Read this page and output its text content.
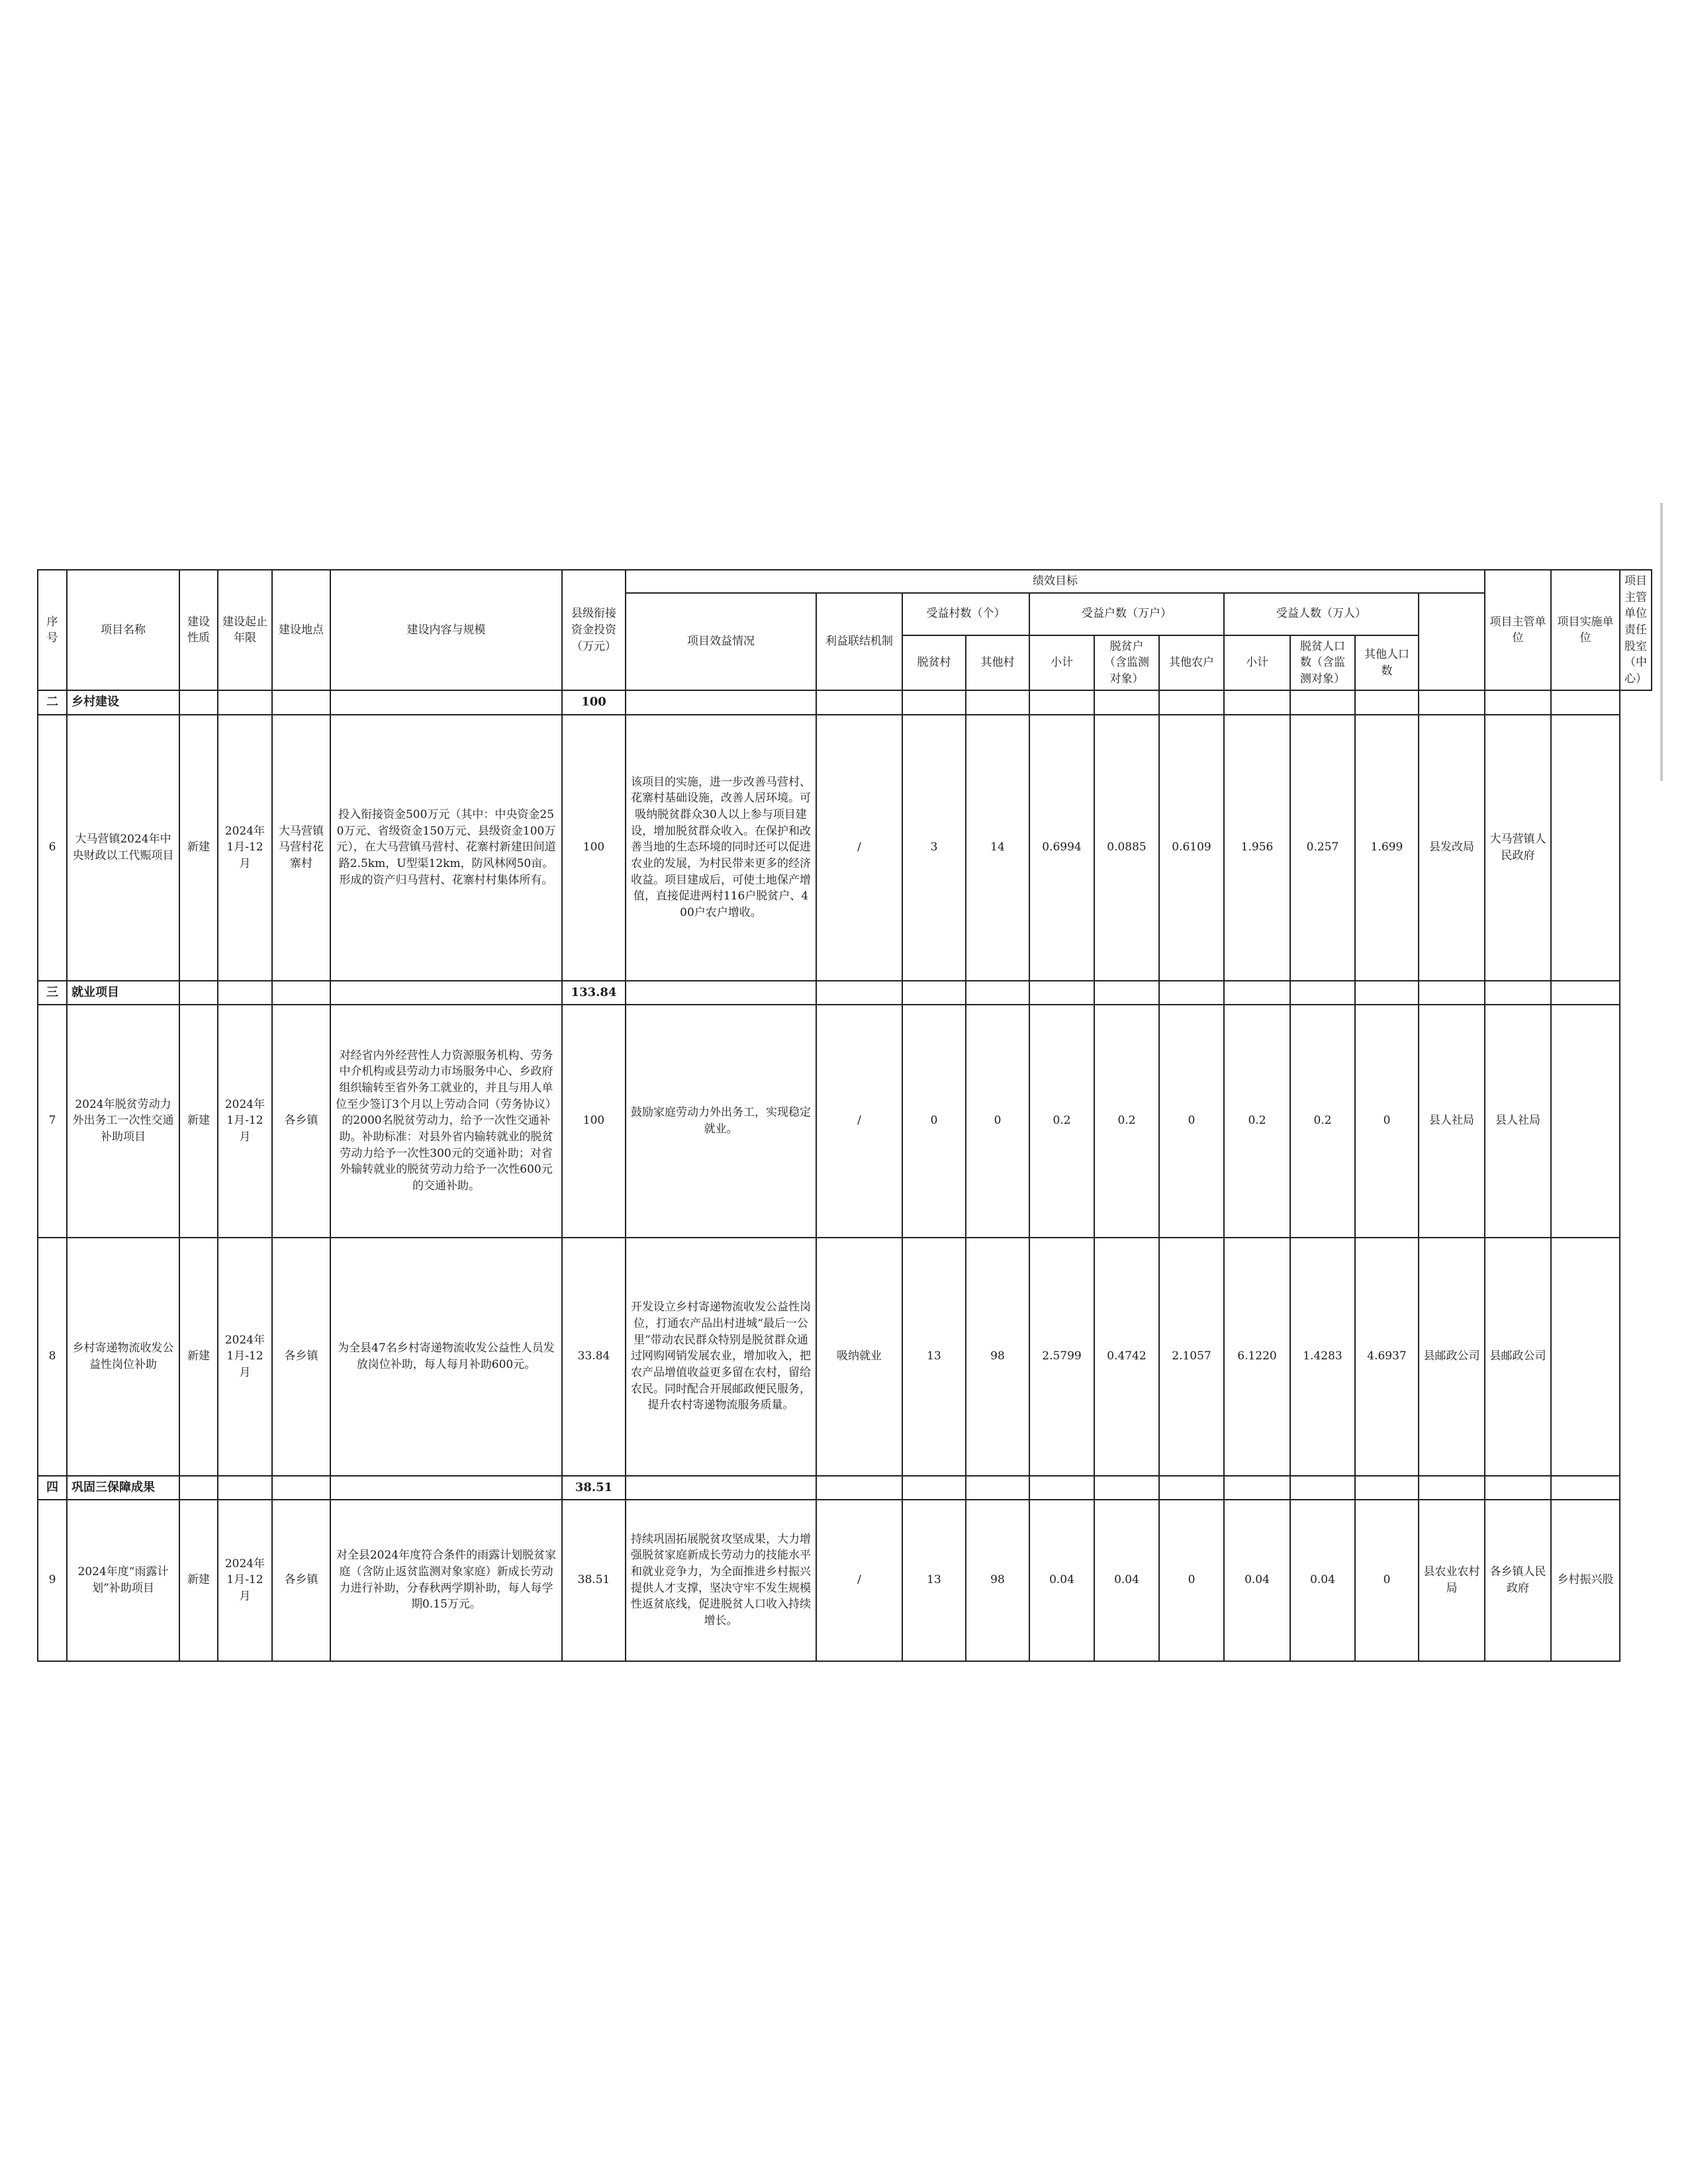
序号	项目名称	建设性质	建设起止年限	建设地点	建设内容与规模	县级衔接资金投资（万元）	绩效目标											项目主管单位	项目实施单位	项目主管单位责任股室（中心）
							项目效益情况	利益联结机制	受益村数（个）		受益户数（万户）			受益人数（万人）						
									脱贫村	其他村	小计	脱贫户（含监测对象）	其他农户	小计	脱贫人口数（含监测对象）	其他人口数				
二	乡村建设					100														
6	大马营镇2024年中央财政以工代赈项目	新建	2024年1月-12月	大马营镇马营村花寨村	投入衔接资金500万元（其中：中央资金250万元、省级资金150万元、县级资金100万元），在大马营镇马营村、花寨村新建田间道路2.5km，U型渠12km，防风林网50亩。形成的资产归马营村、花寨村村集体所有。	100	该项目的实施，进一步改善马营村、花寨村基础设施，改善人居环境。可吸纳脱贫群众30人以上参与项目建设，增加脱贫群众收入。在保护和改善当地的生态环境的同时还可以促进农业的发展，为村民带来更多的经济收益。项目建成后，可使土地保产增值，直接促进两村116户脱贫户、400户农户增收。	/	3	14	0.6994	0.0885	0.6109	1.956	0.257	1.699	县发改局	大马营镇人民政府		
三	就业项目					133.84														
7	2024年脱贫劳动力外出务工一次性交通补助项目	新建	2024年1月-12月	各乡镇	对经省内外经营性人力资源服务机构、劳务中介机构或县劳动力市场服务中心、乡政府组织输转至省外务工就业的，并且与用人单位至少签订3个月以上劳动合同（劳务协议）的2000名脱贫劳动力，给予一次性交通补助。补助标准：对县外省内输转就业的脱贫劳动力给予一次性300元的交通补助；对省外输转就业的脱贫劳动力给予一次性600元的交通补助。	100	鼓励家庭劳动力外出务工，实现稳定就业。	/	0	0	0.2	0.2	0	0.2	0.2	0	县人社局	县人社局		
8	乡村寄递物流收发公益性岗位补助	新建	2024年1月-12月	各乡镇	为全县47名乡村寄递物流收发公益性人员发放岗位补助，每人每月补助600元。	33.84	开发设立乡村寄递物流收发公益性岗位，打通农产品出村进城“最后一公里”带动农民群众特别是脱贫群众通过网购网销发展农业，增加收入，把农产品增值收益更多留在农村，留给农民。同时配合开展邮政便民服务，提升农村寄递物流服务质量。	吸纳就业	13	98	2.5799	0.4742	2.1057	6.1220	1.4283	4.6937	县邮政公司	县邮政公司		
四	巩固三保障成果					38.51														
9	2024年度“雨露计划”补助项目	新建	2024年1月-12月	各乡镇	对全县2024年度符合条件的雨露计划脱贫家庭（含防止返贫监测对象家庭）新成长劳动力进行补助，分春秋两学期补助，每人每学期0.15万元。	38.51	持续巩固拓展脱贫攻坚成果，大力增强脱贫家庭新成长劳动力的技能水平和就业竞争力，为全面推进乡村振兴提供人才支撑，坚决守牢不发生规模性返贫底线，促进脱贫人口收入持续增长。	/	13	98	0.04	0.04	0	0.04	0.04	0	县农业农村局	各乡镇人民政府	乡村振兴股	
